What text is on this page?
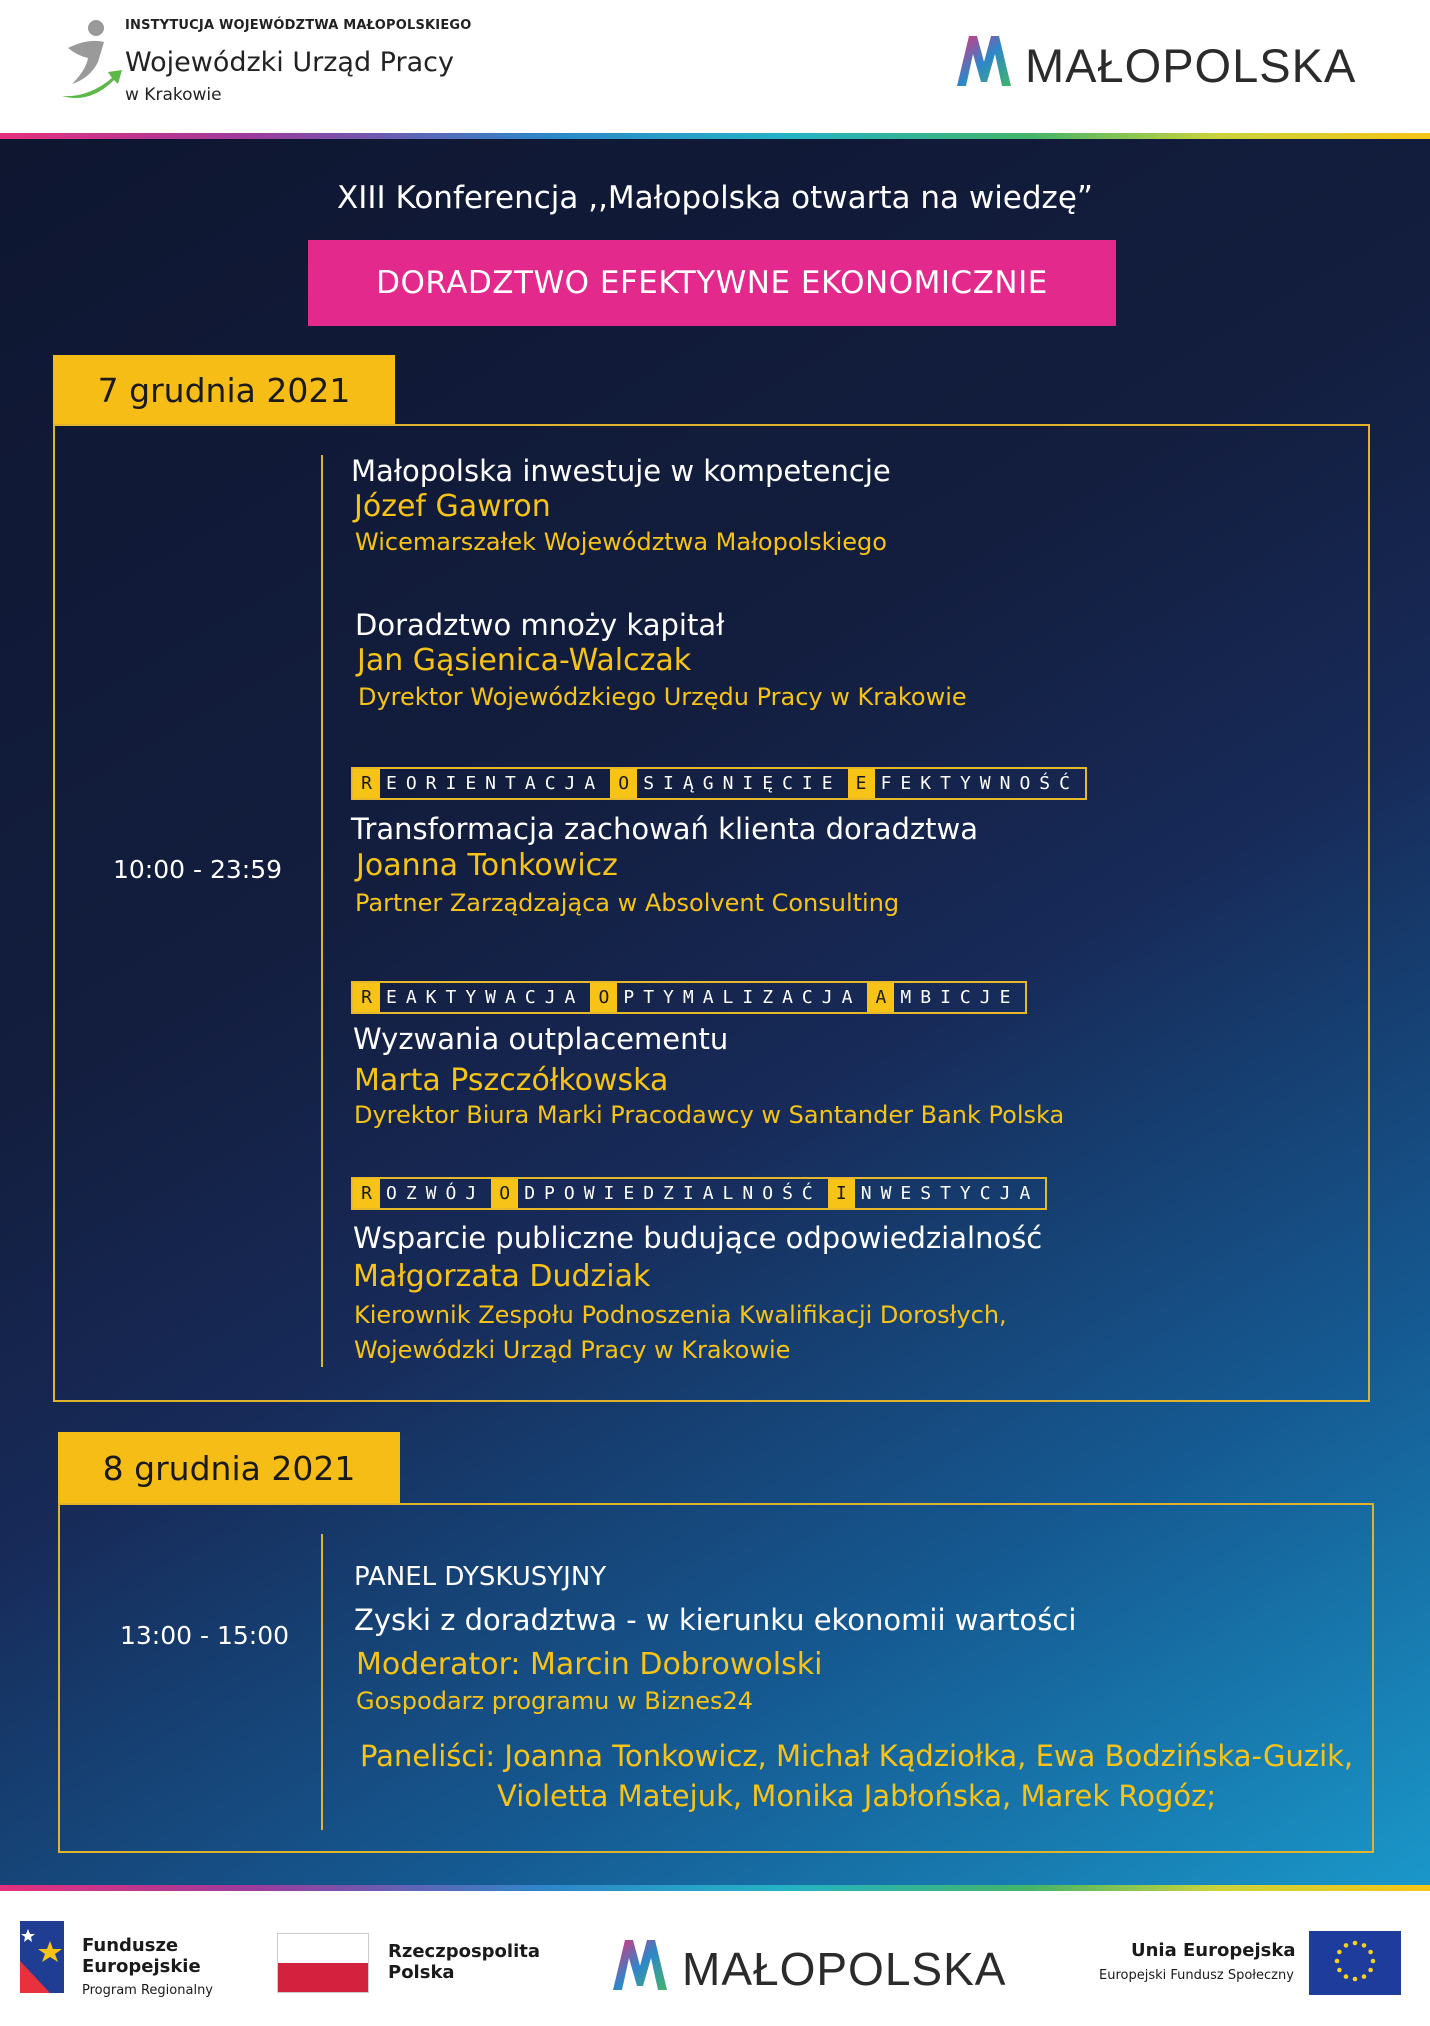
INSTYTUCJA WOJEWÓDZTWA MAŁOPOLSKIEGO
Wojewódzki Urząd Pracy
w Krakowie
MAŁOPOLSKA
XIII Konferencja ,,Małopolska otwarta na wiedzę”
DORADZTWO EFEKTYWNE EKONOMICZNIE
7 grudnia 2021
10:00 - 23:59
Małopolska inwestuje w kompetencje
Józef Gawron
Wicemarszałek Województwa Małopolskiego
Doradztwo mnoży kapitał
Jan Gąsienica-Walczak
Dyrektor Wojewódzkiego Urzędu Pracy w Krakowie
R EORIENTACJA O SIĄGNIĘCIE E FEKTYWNOŚĆ
Transformacja zachowań klienta doradztwa
Joanna Tonkowicz
Partner Zarządzająca w Absolvent Consulting
R EAKTYWACJA O PTYMALIZACJA A MBICJE
Wyzwania outplacementu
Marta Pszczółkowska
Dyrektor Biura Marki Pracodawcy w Santander Bank Polska
R OZWÓJ O DPOWIEDZIALNOŚĆ I NWESTYCJA
Wsparcie publiczne budujące odpowiedzialność
Małgorzata Dudziak
Kierownik Zespołu Podnoszenia Kwalifikacji Dorosłych,
Wojewódzki Urząd Pracy w Krakowie
8 grudnia 2021
13:00 - 15:00
PANEL DYSKUSYJNY
Zyski z doradztwa - w kierunku ekonomii wartości
Moderator: Marcin Dobrowolski
Gospodarz programu w Biznes24
Paneliści: Joanna Tonkowicz, Michał Kądziołka, Ewa Bodzińska-Guzik,
Violetta Matejuk, Monika Jabłońska, Marek Rogóz;
Fundusze
Europejskie
Program Regionalny
Rzeczpospolita
Polska	MAŁOPOLSKA	Unia Europejska
Europejski Fundusz Społeczny
